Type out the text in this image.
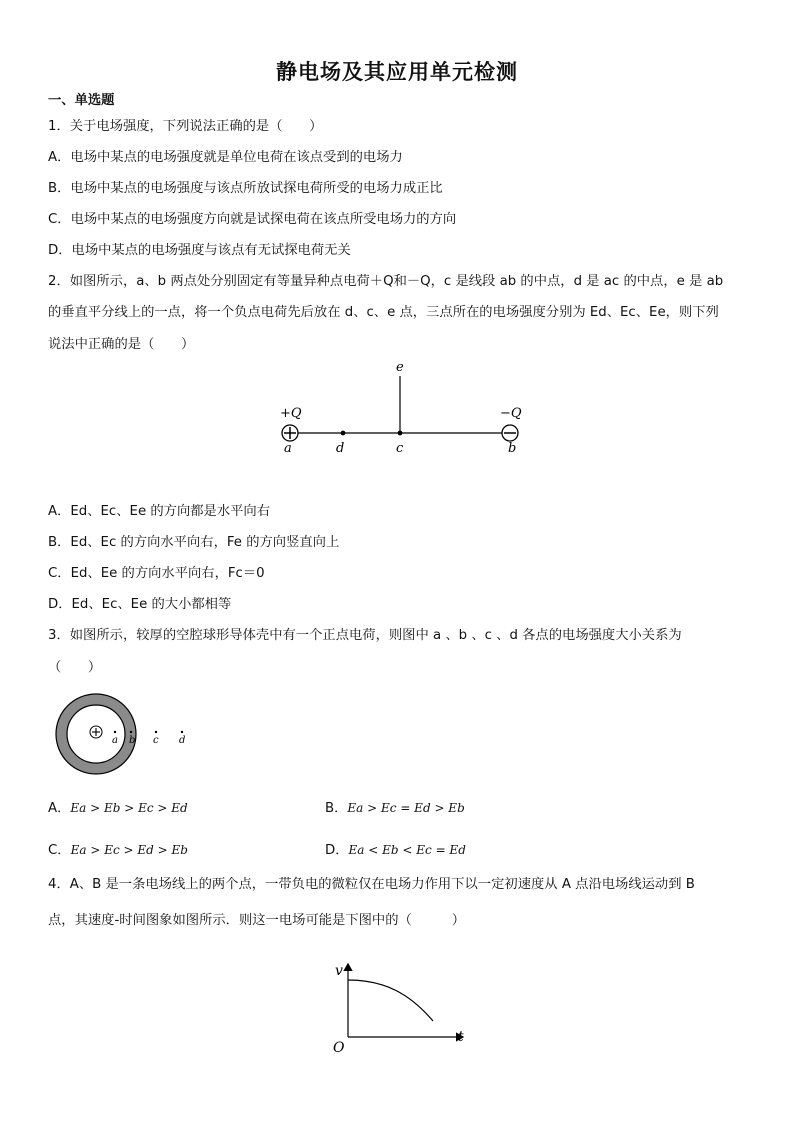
静电场及其应用单元检测
一、单选题
1．关于电场强度，下列说法正确的是（　　）
A．电场中某点的电场强度就是单位电荷在该点受到的电场力
B．电场中某点的电场强度与该点所放试探电荷所受的电场力成正比
C．电场中某点的电场强度方向就是试探电荷在该点所受电场力的方向
D．电场中某点的电场强度与该点有无试探电荷无关
2．如图所示，a、b 两点处分别固定有等量异种点电荷＋Q和－Q，c 是线段 ab 的中点，d 是 ac 的中点，e 是 ab
的垂直平分线上的一点，将一个负点电荷先后放在 d、c、e 点，三点所在的电场强度分别为 Ed、Ec、Ee，则下列
说法中正确的是（　　）
+Q	−Q
a	d	c	b
e
A．Ed、Ec、Ee 的方向都是水平向右
B．Ed、Ec 的方向水平向右，Fe 的方向竖直向上
C．Ed、Ee 的方向水平向右，Fc＝0
D．Ed、Ec、Ee 的大小都相等
3．如图所示，较厚的空腔球形导体壳中有一个正点电荷，则图中 a 、b 、c 、d 各点的电场强度大小关系为
（　　）
a b c d
A．Ea > Eb > Ec > Ed	B．Ea > Ec = Ed > Eb
C．Ea > Ec > Ed > Eb	D．Ea < Eb < Ec = Ed
4．A、B 是一条电场线上的两个点，一带负电的微粒仅在电场力作用下以一定初速度从 A 点沿电场线运动到 B
点，其速度-时间图象如图所示．则这一电场可能是下图中的（　　　）
v
t
O
